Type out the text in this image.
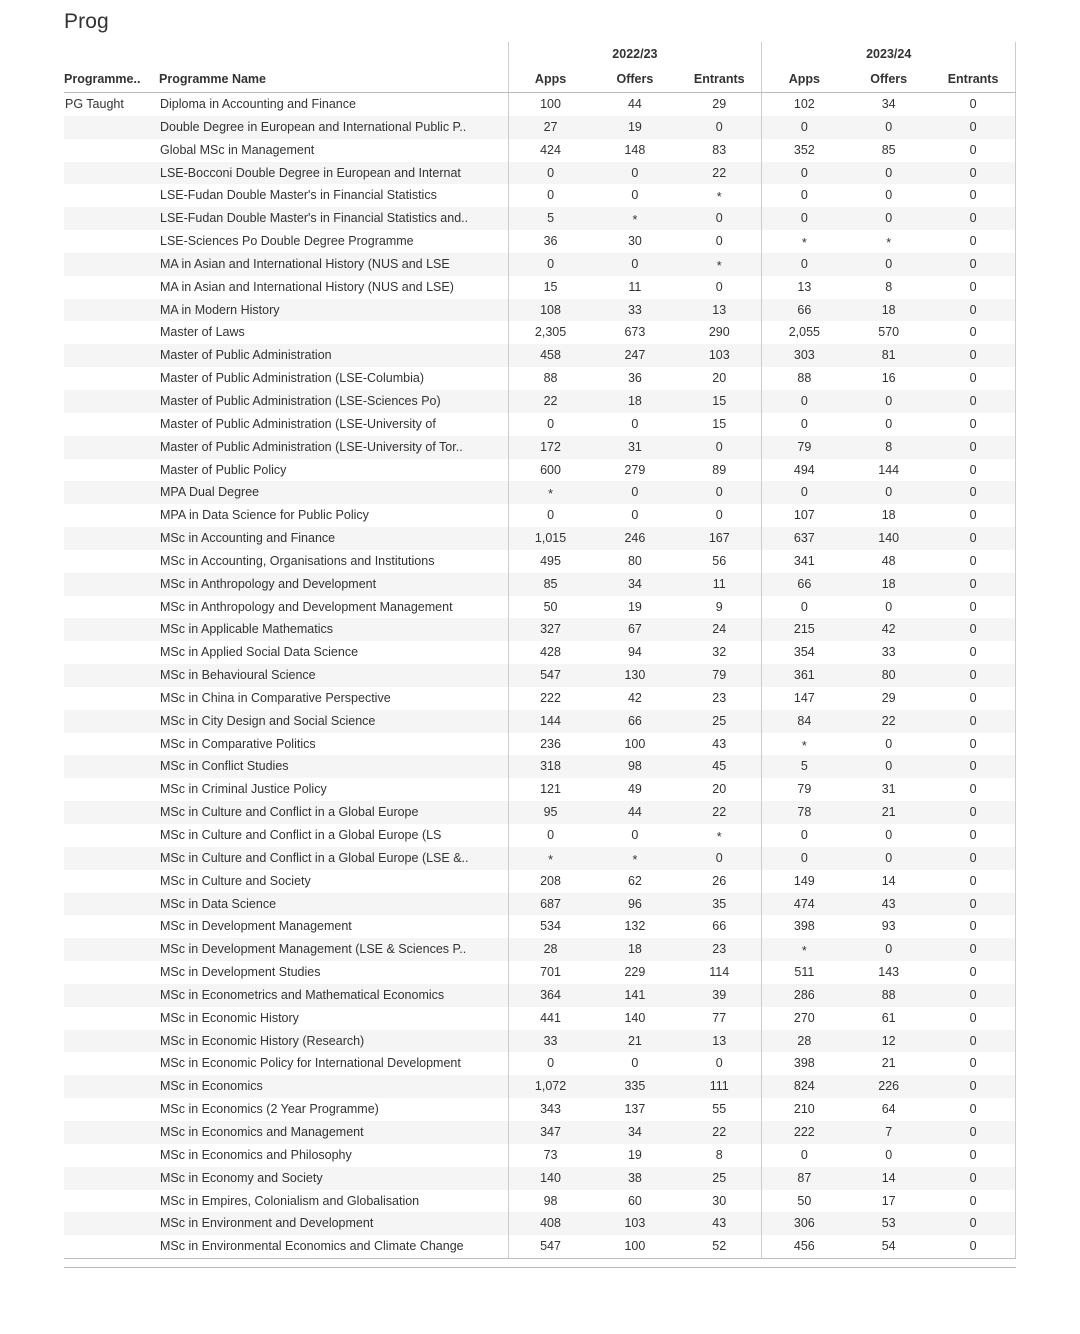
Prog
		2022/23			2023/24		
Programme..	Programme Name	Apps	Offers	Entrants	Apps	Offers	Entrants
PG Taught	Diploma in Accounting and Finance	100	44	29	102	34	0
	Double Degree in European and International Public P..	27	19	0	0	0	0
	Global MSc in Management	424	148	83	352	85	0
	LSE-Bocconi Double Degree in European and Internat	0	0	22	0	0	0
	LSE-Fudan Double Master's in Financial Statistics	0	0	*	0	0	0
	LSE-Fudan Double Master's in Financial Statistics and..	5	*	0	0	0	0
	LSE-Sciences Po Double Degree Programme	36	30	0	*	*	0
	MA in Asian and International History (NUS and LSE	0	0	*	0	0	0
	MA in Asian and International History (NUS and LSE)	15	11	0	13	8	0
	MA in Modern History	108	33	13	66	18	0
	Master of Laws	2,305	673	290	2,055	570	0
	Master of Public Administration	458	247	103	303	81	0
	Master of Public Administration (LSE-Columbia)	88	36	20	88	16	0
	Master of Public Administration (LSE-Sciences Po)	22	18	15	0	0	0
	Master of Public Administration (LSE-University of	0	0	15	0	0	0
	Master of Public Administration (LSE-University of Tor..	172	31	0	79	8	0
	Master of Public Policy	600	279	89	494	144	0
	MPA Dual Degree	*	0	0	0	0	0
	MPA in Data Science for Public Policy	0	0	0	107	18	0
	MSc in Accounting and Finance	1,015	246	167	637	140	0
	MSc in Accounting, Organisations and Institutions	495	80	56	341	48	0
	MSc in Anthropology and Development	85	34	11	66	18	0
	MSc in Anthropology and Development Management	50	19	9	0	0	0
	MSc in Applicable Mathematics	327	67	24	215	42	0
	MSc in Applied Social Data Science	428	94	32	354	33	0
	MSc in Behavioural Science	547	130	79	361	80	0
	MSc in China in Comparative Perspective	222	42	23	147	29	0
	MSc in City Design and Social Science	144	66	25	84	22	0
	MSc in Comparative Politics	236	100	43	*	0	0
	MSc in Conflict Studies	318	98	45	5	0	0
	MSc in Criminal Justice Policy	121	49	20	79	31	0
	MSc in Culture and Conflict in a Global Europe	95	44	22	78	21	0
	MSc in Culture and Conflict in a Global Europe (LS	0	0	*	0	0	0
	MSc in Culture and Conflict in a Global Europe (LSE &..	*	*	0	0	0	0
	MSc in Culture and Society	208	62	26	149	14	0
	MSc in Data Science	687	96	35	474	43	0
	MSc in Development Management	534	132	66	398	93	0
	MSc in Development Management (LSE & Sciences P..	28	18	23	*	0	0
	MSc in Development Studies	701	229	114	511	143	0
	MSc in Econometrics and Mathematical Economics	364	141	39	286	88	0
	MSc in Economic History	441	140	77	270	61	0
	MSc in Economic History (Research)	33	21	13	28	12	0
	MSc in Economic Policy for International Development	0	0	0	398	21	0
	MSc in Economics	1,072	335	111	824	226	0
	MSc in Economics (2 Year Programme)	343	137	55	210	64	0
	MSc in Economics and Management	347	34	22	222	7	0
	MSc in Economics and Philosophy	73	19	8	0	0	0
	MSc in Economy and Society	140	38	25	87	14	0
	MSc in Empires, Colonialism and Globalisation	98	60	30	50	17	0
	MSc in Environment and Development	408	103	43	306	53	0
	MSc in Environmental Economics and Climate Change	547	100	52	456	54	0
